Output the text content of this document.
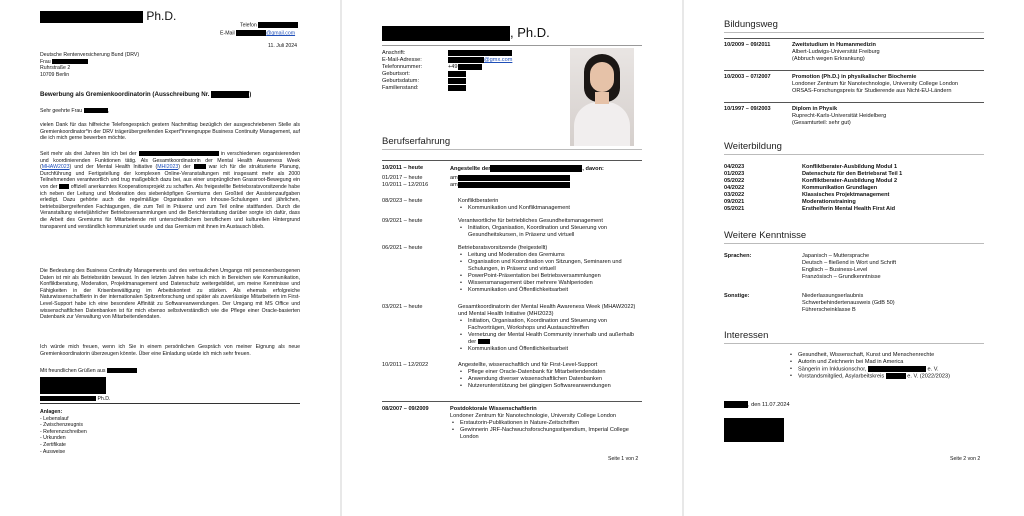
Ph.D.
Telefon
E-Mail	@gmail.com
11. Juli 2024
Deutsche Rentenversicherung Bund (DRV)
Frau
Ruhrstraße 2
10709 Berlin
Bewerbung als Gremienkoordinatorin (Ausschreibung Nr.	)
Sehr geehrte Frau	,
vielen Dank für das hilfreiche Telefongespräch gestern Nachmittag bezüglich der ausgeschriebenen Stelle als Gremienkoordinator*in der DRV trägerübergreifenden Expert*innengruppe Business Continuity Management, auf die ich mich gerne bewerben möchte.
Seit mehr als drei Jahren bin ich bei der	in verschiedenen organisierenden und koordinierenden Funktionen tätig. Als Gesamtkoordinatorin der Mental Health Awareness Week (MHAW2023) und der Mental Health Initiative (MHI2023) der	war ich für die strukturierte Planung, Durchführung und Fertigstellung der komplexen Online-Veranstaltungen mit insgesamt mehr als 2000 Teilnehmenden verantwortlich und trug maßgeblich dazu bei, aus einer ursprünglichen Grassroot-Bewegung ein von der	offiziell anerkanntes Kooperationsprojekt zu schaffen. Als freigestellte Betriebsratsvorsitzende habe ich neben der Leitung und Moderation des siebenköpfigen Gremiums den Großteil der Assistenzaufgaben erledigt. Dazu gehörte auch die regelmäßige Organisation von Inhouse-Schulungen und jährlichen, betriebsübergreifenden Fachtagungen, die zum Teil in Präsenz und zum Teil online stattfanden. Durch die Veranstaltung vierteljährlicher Betriebsversammlungen und die Berichterstattung darüber sorgte ich dafür, dass die Arbeit des Gremiums für Mitarbeitende mit unterschiedlichem beruflichem und kulturellen Hintergrund transparent und verständlich kommuniziert wurde und das Gremium mit ihnen im Austausch blieb.
Die Bedeutung des Business Continuity Managements und des vertraulichen Umgangs mit personenbezogenen Daten ist mir als Betriebsrätin bewusst. In den letzten Jahren habe ich mich in Bereichen wie Kommunikation, Konfliktberatung, Moderation, Projektmanagement und Datenschutz weitergebildet, um meine Kenntnisse und Fähigkeiten in der Krisenbewältigung im Arbeitskontext zu stärken. Als ehemals erfolgreiche Naturwissenschaftlerin in der internationalen Spitzenforschung und später als zuverlässige Mitarbeiterin im First-Level-Support habe ich eine besondere Affinität zu Softwareanwendungen. Der Umgang mit MS Office und wissenschaftlichen Datenbanken ist für mich ebenso selbstverständlich wie die Pflege einer Oracle-basierten Datenbank zur Verwaltung von Mitarbeitendendaten.
Ich würde mich freuen, wenn ich Sie in einem persönlichen Gespräch von meiner Eignung als neue Gremienkoordinatorin überzeugen könnte. Über eine Einladung würde ich mich sehr freuen.
Mit freundlichen Grüßen aus
Ph.D.
Anlagen:
- Lebenslauf
- Zwischenzeugnis
- Referenzschreiben
- Urkunden
- Zertifikate
- Ausweise
, Ph.D.
Anschrift:
E-Mail-Adresse:	@gmx.com
Telefonnummer:	+49
Geburtsort:
Geburtsdatum:
Familienstand:
Berufserfahrung
10/2011 – heute	Angestellte der	, davon:
01/2017 – heute	am
10/2011 – 12/2016	am
08/2023 – heute	Konfliktberaterin
• Kommunikation und Konfliktmanagement
09/2021 – heute	Verantwortliche für betriebliches Gesundheitsmanagement
• Initiation, Organisation, Koordination und Steuerung von Gesundheitskursen, in Präsenz und virtuell
06/2021 – heute	Betriebsratsvorsitzende (freigestellt)
• Leitung und Moderation des Gremiums
• Organisation und Koordination von Sitzungen, Seminaren und Schulungen, in Präsenz und virtuell
• PowerPoint-Präsentation bei Betriebsversammlungen
• Wissensmanagement über mehrere Wahlperioden
• Kommunikation und Öffentlichkeitsarbeit
03/2021 – heute	Gesamtkoordinatorin der Mental Health Awareness Week (MHAW2022) und Mental Health Initiative (MHI2023)
• Initiation, Organisation, Koordination und Steuerung von Fachvorträgen, Workshops und Austauschtreffen
• Vernetzung der Mental Health Community innerhalb und außerhalb der
• Kommunikation und Öffentlichkeitsarbeit
10/2011 – 12/2022	Angestellte, wissenschaftlich und für First-Level-Support
• Pflege einer Oracle-Datenbank für Mitarbeitendendaten
• Anwendung diverser wissenschaftlichen Datenbanken
• Nutzerunterstützung bei gängigen Softwareanwendungen
08/2007 – 09/2009	Postdoktorale Wissenschaftlerin
Londoner Zentrum für Nanotechnologie, University College London
• Erstautorin-Publikationen in Nature-Zeitschriften
• Gewinnerin JRF-Nachwuchsforschungsstipendium, Imperial College London
Seite 1 von 2
Bildungsweg
10/2009 – 09/2011	Zweitstudium in Humanmedizin
Albert-Ludwigs-Universität Freiburg
(Abbruch wegen Erkrankung)
10/2003 – 07/2007	Promotion (Ph.D.) in physikalischer Biochemie
Londoner Zentrum für Nanotechnologie, University College London
ORSAS-Forschungspreis für Studierende aus Nicht-EU-Ländern
10/1997 – 09/2003	Diplom in Physik
Ruprecht-Karls-Universität Heidelberg
(Gesamturteil: sehr gut)
Weiterbildung
04/2023	Konfliktberater-Ausbildung Modul 1
01/2023	Datenschutz für den Betriebsrat Teil 1
05/2022	Konfliktberater-Ausbildung Modul 2
04/2022	Kommunikation Grundlagen
03/2022	Klassisches Projektmanagement
09/2021	Moderationstraining
05/2021	Ersthelferin Mental Health First Aid
Weitere Kenntnisse
Sprachen:	Japanisch – Muttersprache
Deutsch – fließend in Wort und Schrift
Englisch – Business-Level
Französisch – Grundkenntnisse
Sonstige:	Niederlassungserlaubnis
Schwerbehindertenausweis (GdB 50)
Führerscheinklasse B
Interessen
• Gesundheit, Wissenschaft, Kunst und Menschenrechte
• Autorin und Zeichnerin bei Mad in America
• Sängerin im Inklusionschor,	e. V.
• Vorstandsmitglied, Asylarbeitskreis	e. V. (2022/2023)
, den 11.07.2024
Seite 2 von 2
